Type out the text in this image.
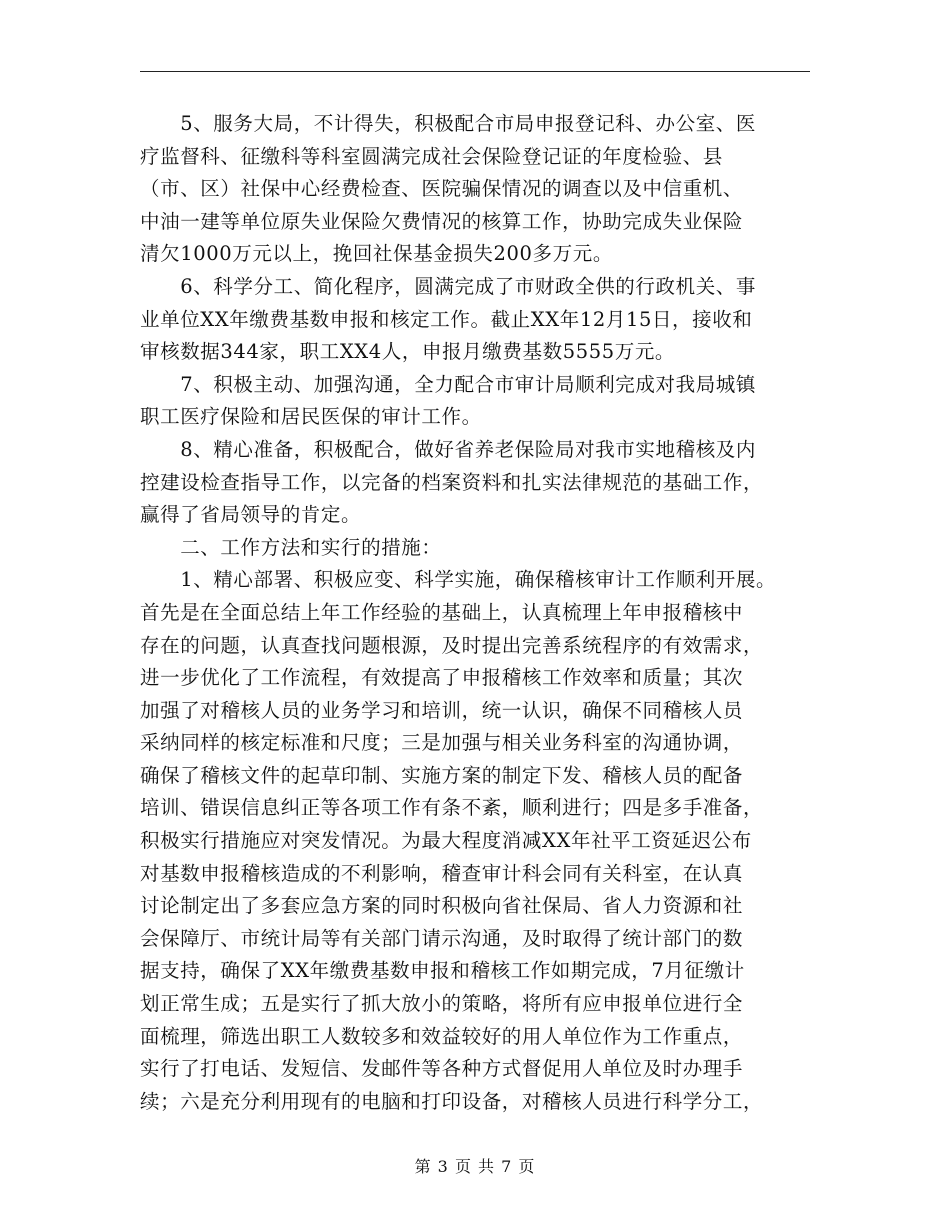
　　5、服务大局，不计得失，积极配合市局申报登记科、办公室、医
疗监督科、征缴科等科室圆满完成社会保险登记证的年度检验、县
（市、区）社保中心经费检查、医院骗保情况的调查以及中信重机、
中油一建等单位原失业保险欠费情况的核算工作，协助完成失业保险
清欠1000万元以上，挽回社保基金损失200多万元。
　　6、科学分工、简化程序，圆满完成了市财政全供的行政机关、事
业单位XX年缴费基数申报和核定工作。截止XX年12月15日，接收和
审核数据344家，职工XX4人，申报月缴费基数5555万元。
　　7、积极主动、加强沟通，全力配合市审计局顺利完成对我局城镇
职工医疗保险和居民医保的审计工作。
　　8、精心准备，积极配合，做好省养老保险局对我市实地稽核及内
控建设检查指导工作，以完备的档案资料和扎实法律规范的基础工作，
赢得了省局领导的肯定。
　　二、工作方法和实行的措施：
　　1、精心部署、积极应变、科学实施，确保稽核审计工作顺利开展。
首先是在全面总结上年工作经验的基础上，认真梳理上年申报稽核中
存在的问题，认真查找问题根源，及时提出完善系统程序的有效需求，
进一步优化了工作流程，有效提高了申报稽核工作效率和质量；其次
加强了对稽核人员的业务学习和培训，统一认识，确保不同稽核人员
采纳同样的核定标准和尺度；三是加强与相关业务科室的沟通协调，
确保了稽核文件的起草印制、实施方案的制定下发、稽核人员的配备
培训、错误信息纠正等各项工作有条不紊，顺利进行；四是多手准备，
积极实行措施应对突发情况。为最大程度消减XX年社平工资延迟公布
对基数申报稽核造成的不利影响，稽查审计科会同有关科室，在认真
讨论制定出了多套应急方案的同时积极向省社保局、省人力资源和社
会保障厅、市统计局等有关部门请示沟通，及时取得了统计部门的数
据支持，确保了XX年缴费基数申报和稽核工作如期完成，7月征缴计
划正常生成；五是实行了抓大放小的策略，将所有应申报单位进行全
面梳理，筛选出职工人数较多和效益较好的用人单位作为工作重点，
实行了打电话、发短信、发邮件等各种方式督促用人单位及时办理手
续；六是充分利用现有的电脑和打印设备，对稽核人员进行科学分工，
第 3 页 共 7 页
